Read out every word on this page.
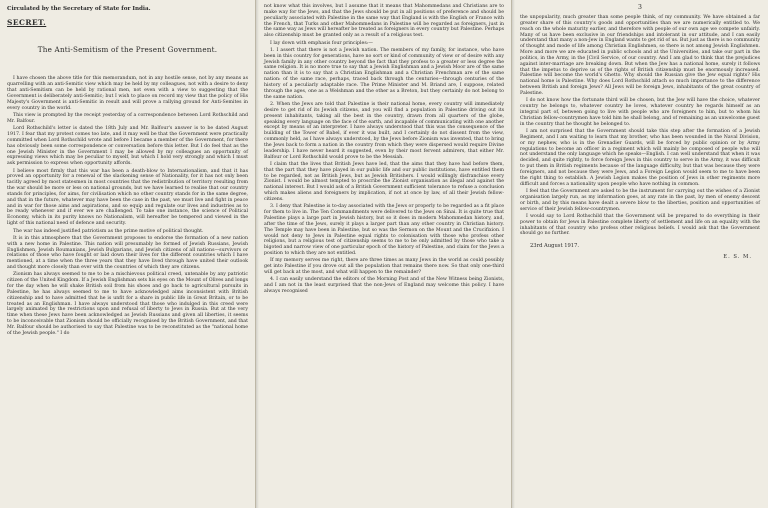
Circulated by the Secretary of State for India.
SECRET.
The Anti-Semitism of the Present Government.

I have chosen the above title for this memorandum, not in any hostile sense, not by any means as quarrelling with an anti-Semitic view which may be held by my colleagues, not with a desire to deny that anti-Semitism can be held by rational men, not even with a view to suggesting that the Government is deliberately anti-Semitic; but I wish to place on record my view that the policy of His Majesty's Government is anti-Semitic in result and will prove a rallying ground for Anti-Semites in every country in the world.

This view is prompted by the receipt yesterday of a correspondence between Lord Rothschild and Mr. Balfour.

Lord Rothschild's letter is dated the 18th July and Mr. Balfour's answer is to be dated August 1917. I fear that my protest comes too late, and it may well be that the Government were practically committed when Lord Rothschild wrote and before I became a member of the Government, for there has obviously been some correspondence or conversation before this letter. But I do feel that as the one Jewish Minister in the Government I may be allowed by my colleagues an opportunity of expressing views which may be peculiar to myself, but which I hold very strongly and which I must ask permission to express when opportunity affords.

I believe most firmly that this war has been a death-blow to Internationalism, and that it has proved an opportunity for a renewal of the slackening sense of Nationality, for it has not only been tacitly agreed by most statesmen in most countries that the redistribution of territory resulting from the war should be more or less on national grounds, but we have learned to realise that our country stands for principles, for aims, for civilisation which no other country stands for in the same degree, and that in the future, whatever may have been the case in the past, we must live and fight in peace and in war for those aims and aspirations, and so equip and regulate our lives and industries as to be ready whenever and if ever we are challenged. To take one instance, the science of Political Economy, which in its purity knows no Nationalism, will hereafter be tempered and viewed in the light of this national need of defence and security.

The war has indeed justified patriotism as the prime motive of political thought.

It is in this atmosphere that the Government proposes to endorse the formation of a new nation with a new home in Palestine. This nation will presumably be formed of Jewish Russians, Jewish Englishmen, Jewish Roumanians, Jewish Bulgarians, and Jewish citizens of all nations—survivors or relations of those who have fought or laid down their lives for the different countries which I have mentioned, at a time when the three years that they have lived through have united their outlook and thought more closely than ever with the countries of which they are citizens.

Zionism has always seemed to me to be a mischievous political creed, untenable by any patriotic citizen of the United Kingdom. If a Jewish Englishman sets his eyes on the Mount of Olives and longs for the day when he will shake British soil from his shoes and go back to agricultural pursuits in Palestine, he has always seemed to me to have acknowledged aims inconsistent with British citizenship and to have admitted that he is unfit for a share in public life in Great Britain, or to be treated as an Englishman. I have always understood that those who indulged in this creed were largely animated by the restrictions upon and refusal of liberty to Jews in Russia. But at the very time when these Jews have been acknowledged as Jewish Russians and given all liberties, it seems to be inconceivable that Zionism should be officially recognised by the British Government, and that Mr. Balfour should be authorised to say that Palestine was to be reconstituted as the "national home of the Jewish people." I do

not know what this involves, but I assume that it means that Mahommedans and Christians are to make way for the Jews, and that the Jews should be put in all positions of preference and should be peculiarly associated with Palestine in the same way that England is with the English or France with the French, that Turks and other Mahommedans in Palestine will be regarded as foreigners, just in the same way as Jews will hereafter be treated as foreigners in every country but Palestine. Perhaps also citizenship must be granted only as a result of a religious test.

I lay down with emphasis four principles:—

1. I assert that there is not a Jewish nation. The members of my family, for instance, who have been in this country for generations, have no sort or kind of community of view or of desire with any Jewish family in any other country beyond the fact that they profess to a greater or less degree the same religion. It is no more true to say that a Jewish Englishman and a Jewish Moor are of the same nation than it is to say that a Christian Englishman and a Christian Frenchman are of the same nation: of the same race, perhaps, traced back through the centuries—through centuries of the history of a peculiarly adaptable race. The Prime Minister and M. Briand are, I suppose, related through the ages, one as a Welshman and the other as a Breton, but they certainly do not belong to the same nation.

2. When the Jews are told that Palestine is their national home, every country will immediately desire to get rid of its Jewish citizens, and you will find a population in Palestine driving out its present inhabitants, taking all the best in the country, drawn from all quarters of the globe, speaking every language on the face of the earth, and incapable of communicating with one another except by means of an interpreter. I have always understood that this was the consequence of the building of the Tower of Babel, if ever it was built, and I certainly do not dissent from the view, commonly held, as I have always understood, by the Jews before Zionism was invented, that to bring the Jews back to form a nation in the country from which they were dispersed would require Divine leadership. I have never heard it suggested, even by their most fervent admirers, that either Mr. Balfour or Lord Rothschild would prove to be the Messiah.

I claim that the lives that British Jews have led, that the aims that they have had before them, that the part that they have played in our public life and our public institutions, have entitled them to be regarded, not as British Jews, but as Jewish Britishers. I would willingly disfranchise every Zionist. I would be almost tempted to proscribe the Zionist organisation as illegal and against the national interest. But I would ask of a British Government sufficient tolerance to refuse a conclusion which makes aliens and foreigners by implication, if not at once by law, of all their Jewish fellow-citizens.

3. I deny that Palestine is to-day associated with the Jews or properly to be regarded as a fit place for them to live in. The Ten Commandments were delivered to the Jews on Sinai. It is quite true that Palestine plays a large part in Jewish history, but so it does in modern Mahommedan history, and, after the time of the Jews, surely it plays a larger part than any other country in Christian history. The Temple may have been in Palestine, but so was the Sermon on the Mount and the Crucifixion. I would not deny to Jews in Palestine equal rights to colonisation with those who profess other religions, but a religious test of citizenship seems to me to be only admitted by those who take a bigoted and narrow view of one particular epoch of the history of Palestine, and claim for the Jews a position to which they are not entitled.

If my memory serves me right, there are three times as many Jews in the world as could possibly get into Palestine if you drove out all the population that remains there now. So that only one-third will get back at the most, and what will happen to the remainder?

4. I can easily understand the editors of the Morning Post and of the New Witness being Zionists, and I am not in the least surprised that the non-Jews of England may welcome this policy. I have always recognised

3

the unpopularity, much greater than some people think, of my community. We have obtained a far greater share of this country's goods and opportunities than we are numerically entitled to. We reach on the whole maturity earlier, and therefore with people of our own age we compete unfairly. Many of us have been exclusive in our friendships and intolerant in our attitude, and I can easily understand that many a non-Jew in England wants to get rid of us. But just as there is no community of thought and mode of life among Christian Englishmen, so there is not among Jewish Englishmen. More and more we are educated in public schools and at the Universities, and take our part in the politics, in the Army, in the [Civil Service, of our country. And I am glad to think that the prejudices against inter-marriage are breaking down. But when the Jew has a national home, surely it follows that the impetus to deprive us of the rights of British citizenship must be enormously increased. Palestine will become the world's Ghetto. Why should the Russian give the Jew equal rights? His national home is Palestine. Why does Lord Rothschild attach so much importance to the difference between British and foreign Jews? All Jews will be foreign Jews, inhabitants of the great country of Palestine.

I do not know how the fortunate third will be chosen, but the Jew will have the choice, whatever country he belongs to, whatever country he loves, whatever country he regards himself as an integral part of, between going to live with people who are foreigners to him, but to whom his Christian fellow-countrymen have told him he shall belong, and of remaining as an unwelcome guest in the country that he thought he belonged to.

I am not surprised that the Government should take this step after the formation of a Jewish Regiment, and I am waiting to learn that my brother, who has been wounded in the Naval Division, or my nephew, who is in the Grenadier Guards, will be forced by public opinion or by Army regulations to become an officer in a regiment which will mainly be composed of people who will not understand the only language which he speaks—English. I can well understand that when it was decided, and quite rightly, to force foreign Jews in this country to serve in the Army, it was difficult to put them in British regiments because of the language difficulty, but that was because they were foreigners, and not because they were Jews, and a Foreign Legion would seem to me to have been the right thing to establish. A Jewish Legion makes the position of Jews in other regiments more difficult and forces a nationality upon people who have nothing in common.

I feel that the Government are asked to be the instrument for carrying out the wishes of a Zionist organisation largely run, as my information goes, at any rate in the past, by men of enemy descent or birth, and by this means have dealt a severe blow to the liberties, position and opportunities of service of their Jewish fellow-countrymen.

I would say to Lord Rothschild that the Government will be prepared to do everything in their power to obtain for Jews in Palestine complete liberty of settlement and life on an equality with the inhabitants of that country who profess other religious beliefs. I would ask that the Government should go no further.

23rd August 1917.
E. S. M.
